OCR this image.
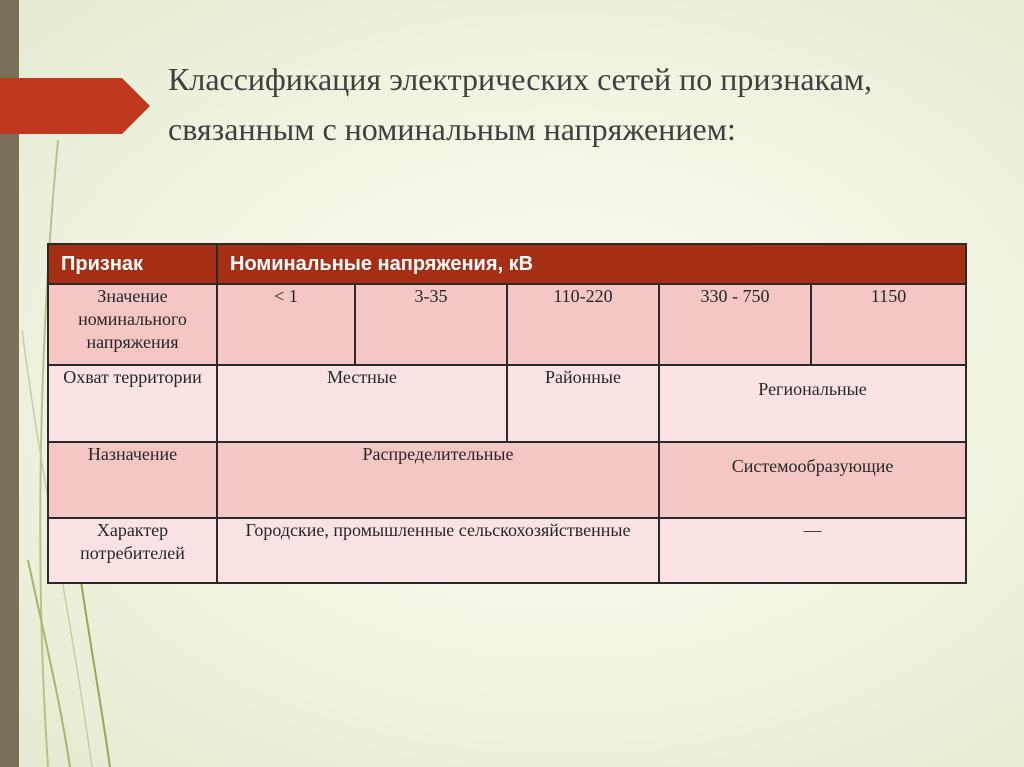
Классификация электрических сетей по признакам, связанным с номинальным напряжением:
Признак	Номинальные напряжения, кВ				
Значение номинального напряжения	< 1	3-35	110-220	330 - 750	1150
Охват территории	Местные		Районные	Региональные	
Назначение	Распределительные			Системообразующие	
Характер потребителей	Городские, промышленные сельскохозяйственные			—	
